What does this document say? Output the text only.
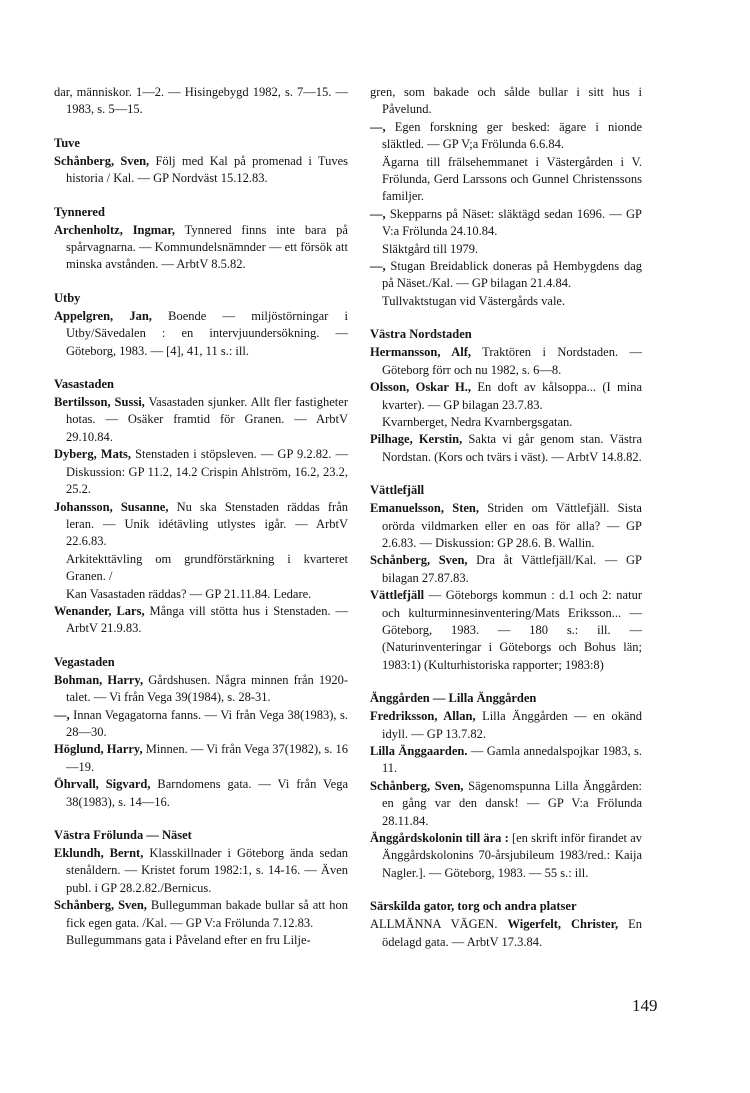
dar, människor. 1—2. — Hisingebygd 1982, s. 7—15. — 1983, s. 5—15.

Tuve

Schånberg, Sven, Följ med Kal på promenad i Tuves historia / Kal. — GP Nordväst 15.12.83.

Tynnered

Archenholtz, Ingmar, Tynnered finns inte bara på spårvagnarna. — Kommundelsnämnder — ett försök att minska avstånden. — ArbtV 8.5.82.

Utby

Appelgren, Jan, Boende — miljöstörningar i Utby/Sävedalen : en intervjuundersökning. — Göteborg, 1983. — [4], 41, 11 s.: ill.

Vasastaden

Bertilsson, Sussi, Vasastaden sjunker. Allt fler fastigheter hotas. — Osäker framtid för Granen. — ArbtV 29.10.84.

Dyberg, Mats, Stenstaden i stöpsleven. — GP 9.2.82. — Diskussion: GP 11.2, 14.2 Crispin Ahlström, 16.2, 23.2, 25.2.

Johansson, Susanne, Nu ska Stenstaden räddas från leran. — Unik idétävling utlystes igår. — ArbtV 22.6.83.

Arkitekttävling om grundförstärkning i kvarteret Granen. /

Kan Vasastaden räddas? — GP 21.11.84. Ledare.

Wenander, Lars, Många vill stötta hus i Stenstaden. — ArbtV 21.9.83.

Vegastaden

Bohman, Harry, Gårdshusen. Några minnen från 1920-talet. — Vi från Vega 39(1984), s. 28-31.

—, Innan Vegagatorna fanns. — Vi från Vega 38(1983), s. 28—30.

Höglund, Harry, Minnen. — Vi från Vega 37(1982), s. 16—19.

Öhrvall, Sigvard, Barndomens gata. — Vi från Vega 38(1983), s. 14—16.

Västra Frölunda — Näset

Eklundh, Bernt, Klasskillnader i Göteborg ända sedan stenåldern. — Kristet forum 1982:1, s. 14-16. — Även publ. i GP 28.2.82./Bernicus.

Schånberg, Sven, Bullegumman bakade bullar så att hon fick egen gata. /Kal. — GP V:a Frölunda 7.12.83.

Bullegummans gata i Påveland efter en fru Lilje-

gren, som bakade och sålde bullar i sitt hus i Påvelund.

—, Egen forskning ger besked: ägare i nionde släktled. — GP V;a Frölunda 6.6.84.

Ägarna till frälsehemmanet i Västergården i V. Frölunda, Gerd Larssons och Gunnel Christenssons familjer.

—, Skepparns på Näset: släktägd sedan 1696. — GP V:a Frölunda 24.10.84.

Släktgård till 1979.

—, Stugan Breidablick doneras på Hembygdens dag på Näset./Kal. — GP bilagan 21.4.84.

Tullvaktstugan vid Västergårds vale.

Västra Nordstaden

Hermansson, Alf, Traktören i Nordstaden. — Göteborg förr och nu 1982, s. 6—8.

Olsson, Oskar H., En doft av kålsoppa... (I mina kvarter). — GP bilagan 23.7.83.

Kvarnberget, Nedra Kvarnbergsgatan.

Pilhage, Kerstin, Sakta vi går genom stan. Västra Nordstan. (Kors och tvärs i väst). — ArbtV 14.8.82.

Vättlefjäll

Emanuelsson, Sten, Striden om Vättlefjäll. Sista orörda vildmarken eller en oas för alla? — GP 2.6.83. — Diskussion: GP 28.6. B. Wallin.

Schånberg, Sven, Dra åt Vättlefjäll/Kal. — GP bilagan 27.87.83.

Vättlefjäll — Göteborgs kommun : d.1 och 2: natur och kulturminnesinventering/Mats Eriksson... — Göteborg, 1983. — 180 s.: ill. — (Naturinventeringar i Göteborgs och Bohus län; 1983:1) (Kulturhistoriska rapporter; 1983:8)

Änggården — Lilla Änggården

Fredriksson, Allan, Lilla Änggården — en okänd idyll. — GP 13.7.82.

Lilla Änggaarden. — Gamla annedalspojkar 1983, s. 11.

Schånberg, Sven, Sägenomspunna Lilla Änggården: en gång var den dansk! — GP V:a Frölunda 28.11.84.

Änggårdskolonin till ära : [en skrift inför firandet av Änggårdskolonins 70-årsjubileum 1983/red.: Kaija Nagler.]. — Göteborg, 1983. — 55 s.: ill.

Särskilda gator, torg och andra platser

ALLMÄNNA VÄGEN. Wigerfelt, Christer, En ödelagd gata. — ArbtV 17.3.84.

149
